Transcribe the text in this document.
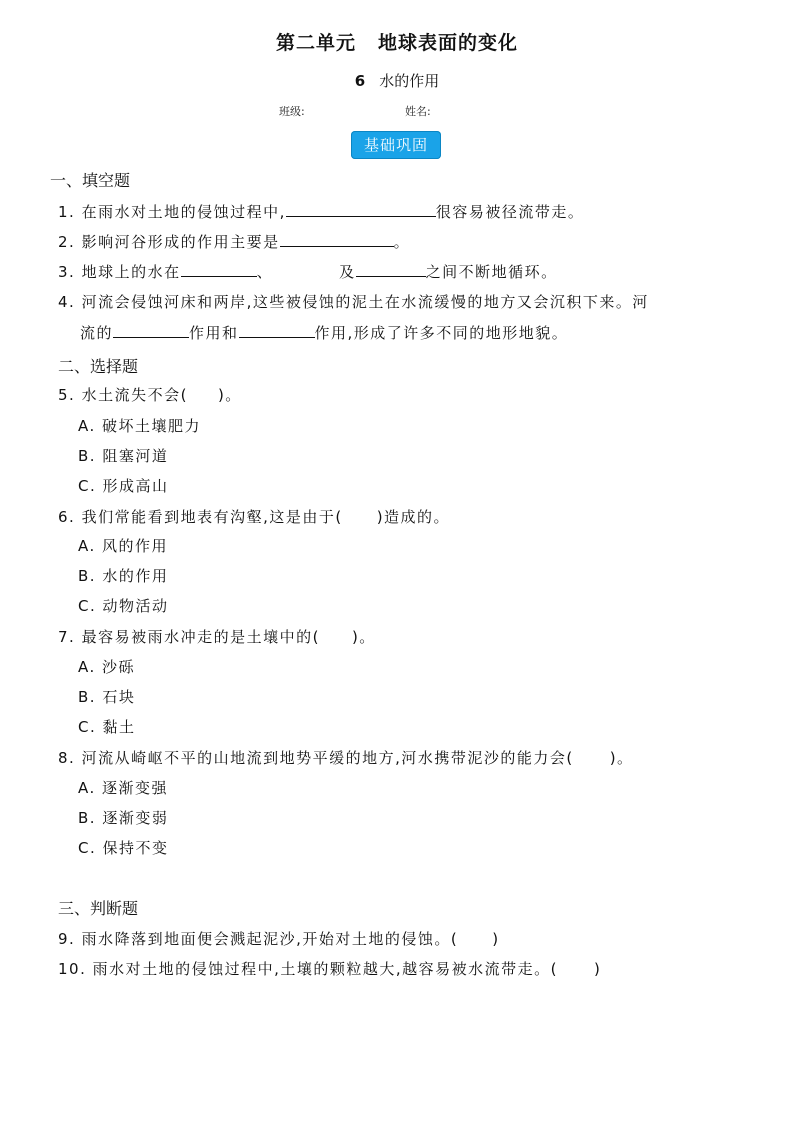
第二单元 地球表面的变化
6 水的作用
班级:	姓名:
基础巩固
一、填空题
1. 在雨水对土地的侵蚀过程中,	很容易被径流带走。
2. 影响河谷形成的作用主要是	。
3. 地球上的水在	、	及	之间不断地循环。
4. 河流会侵蚀河床和两岸,这些被侵蚀的泥土在水流缓慢的地方又会沉积下来。河
流的	作用和	作用,形成了许多不同的地形地貌。
二、选择题
5. 水土流失不会( )。
A. 破坏土壤肥力
B. 阻塞河道
C. 形成高山
6. 我们常能看到地表有沟壑,这是由于( )造成的。
A. 风的作用
B. 水的作用
C. 动物活动
7. 最容易被雨水冲走的是土壤中的( )。
A. 沙砾
B. 石块
C. 黏土
8. 河流从崎岖不平的山地流到地势平缓的地方,河水携带泥沙的能力会( )。
A. 逐渐变强
B. 逐渐变弱
C. 保持不变
三、判断题
9. 雨水降落到地面便会溅起泥沙,开始对土地的侵蚀。( )
10. 雨水对土地的侵蚀过程中,土壤的颗粒越大,越容易被水流带走。( )
